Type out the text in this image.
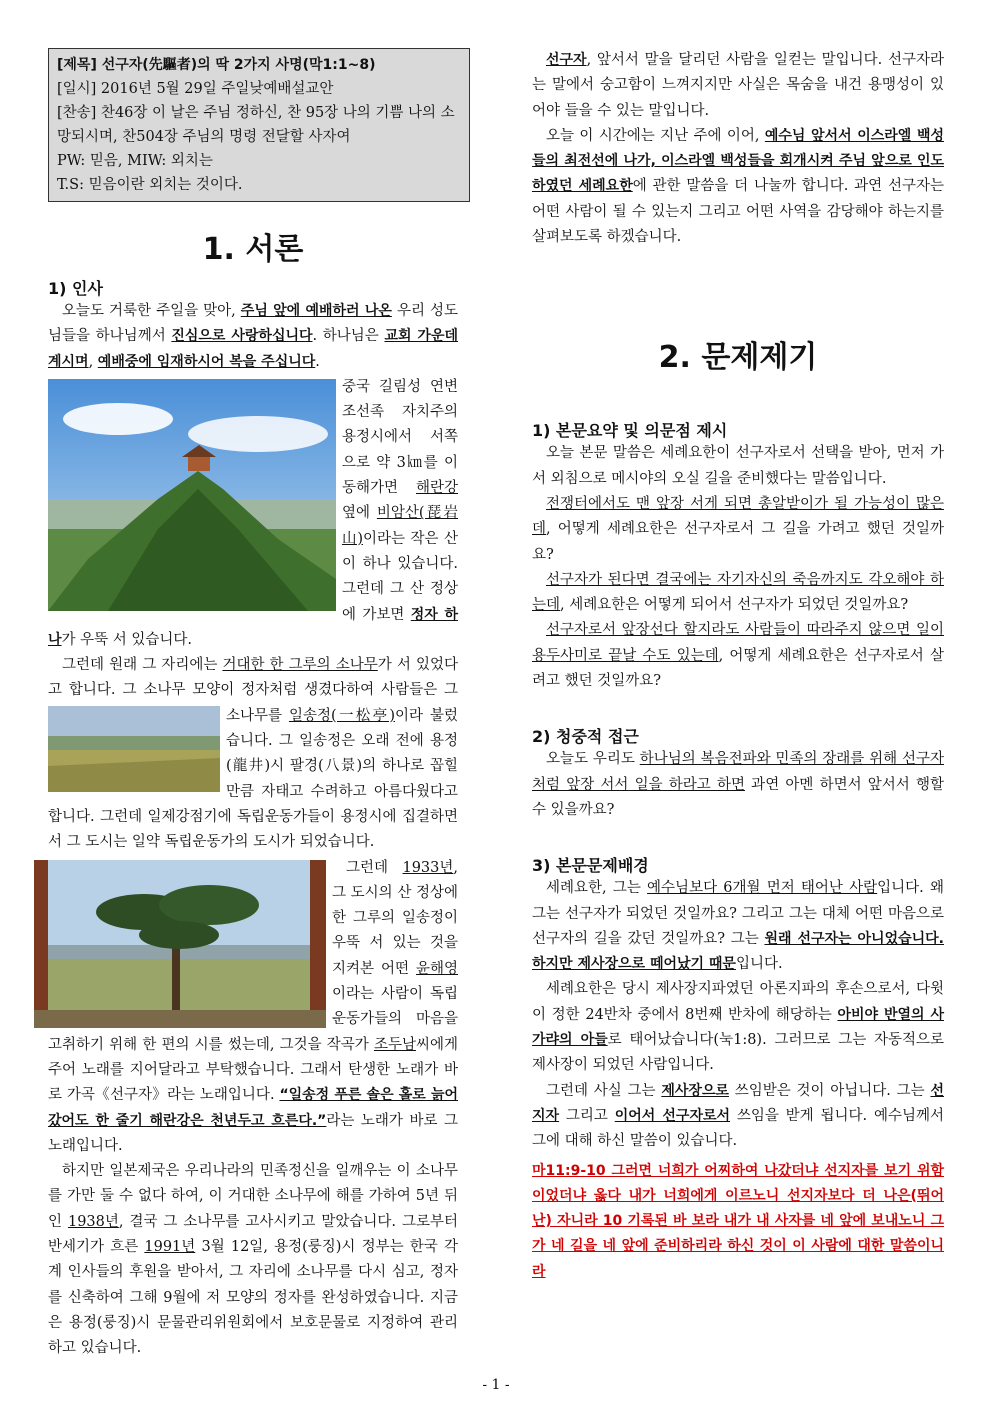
[제목] 선구자(先驅者)의 딱 2가지 사명(막1:1~8)
[일시] 2016년 5월 29일 주일낮예배설교안
[찬송] 찬46장 이 날은 주님 정하신, 찬 95장 나의 기쁨 나의 소망되시며, 찬504장 주님의 명령 전달할 사자여
PW: 믿음, MIW: 외치는
T.S: 믿음이란 외치는 것이다.
1. 서론
1) 인사

오늘도 거룩한 주일을 맞아, 주님 앞에 예배하러 나온 우리 성도님들을 하나님께서 진심으로 사랑하십니다. 하나님은 교회 가운데 계시며, 예배중에 임재하시어 복을 주십니다.

중국 길림성 연변조선족 자치주의 용정시에서 서쪽으로 약 3㎞를 이동해가면 해란강 옆에 비암산(琵岩山)이라는 작은 산이 하나 있습니다. 그런데 그 산 정상에 가보면 정자 하나가 우뚝 서 있습니다.

그런데 원래 그 자리에는 거대한 한 그루의 소나무가 서 있었다고 합니다. 그 소나무 모양이 정자처럼 생겼다하여 사람들은 그 소나무를
일송정(一松亭)이라 불렀습니다. 그 일송정은 오래 전에 용정(龍井)시 팔경(八景)의 하나로 꼽힐만큼 자태고 수려하고 아름다웠다고 합니다. 그런데 일제강점기에 독립운동가들이 용정시에 집결하면서 그 도시는 일약 독립운동가의 도시가 되었습니다.

그런데 1933년, 그 도시의 산 정상에 한 그루의 일송정이 우뚝 서 있는 것을 지켜본 어떤 윤해영이라는 사람이 독립운동가들의 마음을 고취하기 위해 한 편의 시를 썼는데, 그것을 작곡가 조두남씨에게 주어 노래를 지어달라고 부탁했습니다. 그래서 탄생한 노래가 바로 가곡《선구자》라는 노래입니다. “일송정 푸른 솔은 홀로 늙어갔어도 한 줄기 해란강은 천년두고 흐른다.”라는 노래가 바로 그 노래입니다.

하지만 일본제국은 우리나라의 민족정신을 일깨우는 이 소나무를 가만 둘 수 없다 하여, 이 거대한 소나무에 해를 가하여 5년 뒤인 1938년, 결국 그 소나무를 고사시키고 말았습니다. 그로부터 반세기가 흐른 1991년 3월 12일, 용정(룽징)시 정부는 한국 각계 인사들의 후원을 받아서, 그 자리에 소나무를 다시 심고, 정자를 신축하여 그해 9월에 저 모양의 정자를 완성하였습니다. 지금은 용정(룽징)시 문물관리위원회에서 보호문물로 지정하여 관리하고 있습니다.

선구자, 앞서서 말을 달리던 사람을 일컫는 말입니다. 선구자라는 말에서 숭고함이 느껴지지만 사실은 목숨을 내건 용맹성이 있어야 들을 수 있는 말입니다.

오늘 이 시간에는 지난 주에 이어, 예수님 앞서서 이스라엘 백성들의 최전선에 나가, 이스라엘 백성들을 회개시켜 주님 앞으로 인도하였던 세례요한에 관한 말씀을 더 나눌까 합니다. 과연 선구자는 어떤 사람이 될 수 있는지 그리고 어떤 사역을 감당해야 하는지를 살펴보도록 하겠습니다.

2. 문제제기
1) 본문요약 및 의문점 제시

오늘 본문 말씀은 세례요한이 선구자로서 선택을 받아, 먼저 가서 외침으로 메시야의 오실 길을 준비했다는 말씀입니다.

전쟁터에서도 맨 앞장 서게 되면 총알받이가 될 가능성이 많은데, 어떻게 세례요한은 선구자로서 그 길을 가려고 했던 것일까요?

선구자가 된다면 결국에는 자기자신의 죽음까지도 각오해야 하는데, 세례요한은 어떻게 되어서 선구자가 되었던 것일까요?

선구자로서 앞장선다 할지라도 사람들이 따라주지 않으면 일이 용두사미로 끝날 수도 있는데, 어떻게 세례요한은 선구자로서 살려고 했던 것일까요?

2) 청중적 접근

오늘도 우리도 하나님의 복음전파와 민족의 장래를 위해 선구자처럼 앞장 서서 일을 하라고 하면 과연 아멘 하면서 앞서서 행할 수 있을까요?

3) 본문문제배경

세례요한, 그는 예수님보다 6개월 먼저 태어난 사람입니다. 왜 그는 선구자가 되었던 것일까요? 그리고 그는 대체 어떤 마음으로 선구자의 길을 갔던 것일까요? 그는 원래 선구자는 아니었습니다. 하지만 제사장으로 떼어났기 때문입니다.

세례요한은 당시 제사장지파였던 아론지파의 후손으로서, 다윗이 정한 24반차 중에서 8번째 반차에 해당하는 아비야 반열의 사가랴의 아들로 태어났습니다(눅1:8). 그러므로 그는 자동적으로 제사장이 되었던 사람입니다.

그런데 사실 그는 제사장으로 쓰임받은 것이 아닙니다. 그는 선지자 그리고 이어서 선구자로서 쓰임을 받게 됩니다. 예수님께서 그에 대해 하신 말씀이 있습니다.

마11:9-10 그러면 너희가 어찌하여 나갔더냐 선지자를 보기 위함이었더냐 옳다 내가 너희에게 이르노니 선지자보다 더 나은(뛰어난) 자니라 10 기록된 바 보라 내가 내 사자를 네 앞에 보내노니 그가 네 길을 네 앞에 준비하리라 하신 것이 이 사람에 대한 말씀이니라

- 1 -
